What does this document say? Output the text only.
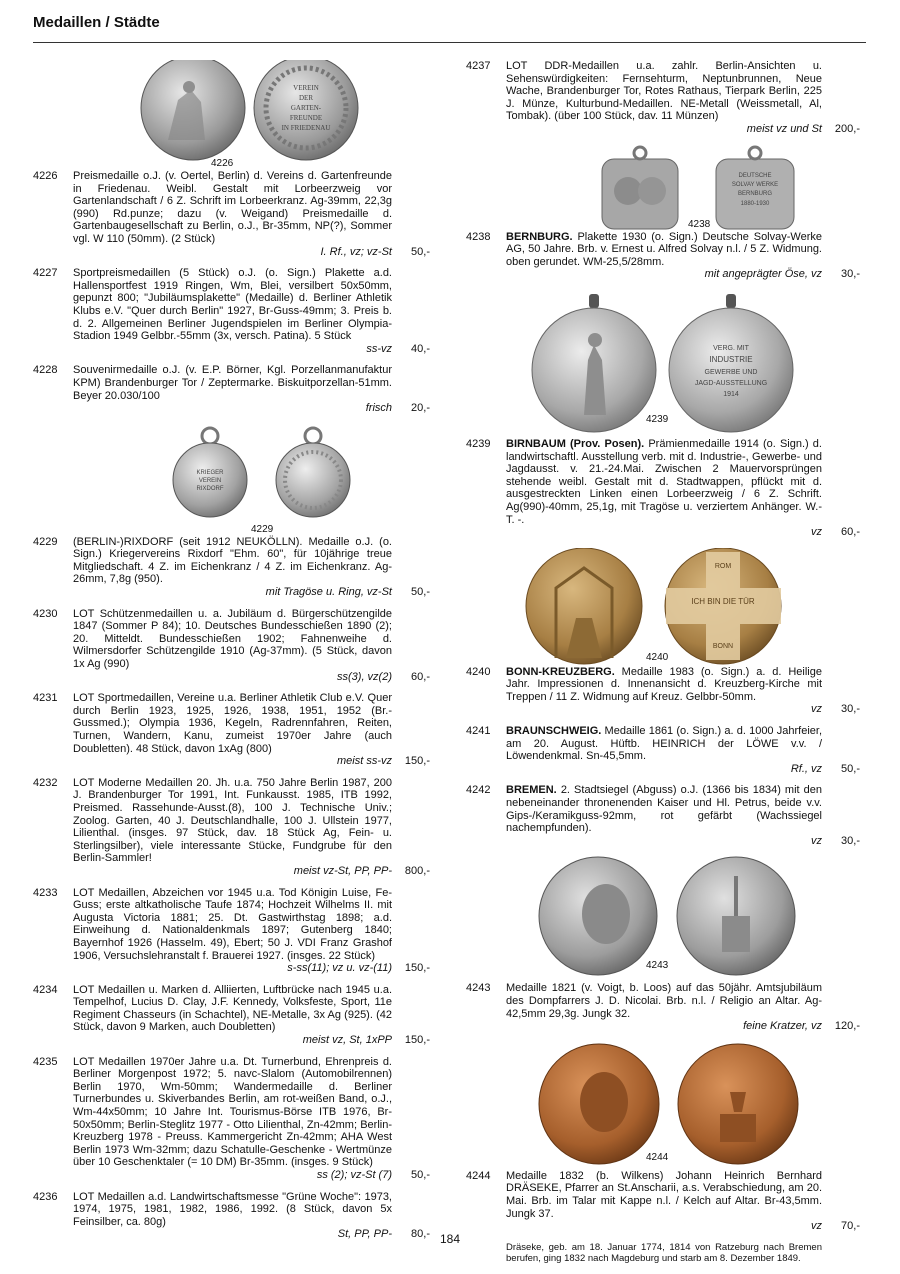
Medaillen / Städte
VEREIN
DER
GARTEN-
FREUNDE
IN FRIEDENAU
4226
4226	Preismedaille o.J. (v. Oertel, Berlin) d. Vereins d. Gartenfreunde in Friedenau. Weibl. Gestalt mit Lorbeerzweig vor Gartenlandschaft / 6 Z. Schrift im Lorbeerkranz. Ag-39mm, 22,3g (990) Rd.punze; dazu (v. Weigand) Preismedaille d. Gartenbaugesellschaft zu Berlin, o.J., Br-35mm, NP(?), Sommer vgl. W 110 (50mm). (2 Stück)
I. Rf., vz; vz-St 50,-
4227	Sportpreismedaillen (5 Stück) o.J. (o. Sign.) Plakette a.d. Hallensportfest 1919 Ringen, Wm, Blei, versilbert 50x50mm, gepunzt 800; "Jubiläumsplakette" (Medaille) d. Berliner Athletik Klubs e.V. "Quer durch Berlin" 1927, Br-Guss-49mm; 3. Preis b. d. 2. Allgemeinen Berliner Jugendspielen im Berliner Olympia-Stadion 1949 Gelbbr.-55mm (3x, versch. Patina). 5 Stück
ss-vz 40,-
4228	Souvenirmedaille o.J. (v. E.P. Börner, Kgl. Porzellanmanufaktur KPM) Brandenburger Tor / Zeptermarke. Biskuitporzellan-51mm. Beyer 20.030/100
frisch 20,-
KRIEGER
VEREIN
RIXDORF
4229
4229	(BERLIN-)RIXDORF (seit 1912 NEUKÖLLN). Medaille o.J. (o. Sign.) Kriegervereins Rixdorf "Ehm. 60", für 10jährige treue Mitgliedschaft. 4 Z. im Eichenkranz / 4 Z. im Eichenkranz. Ag-26mm, 7,8g (950).
mit Tragöse u. Ring, vz-St 50,-
4230	LOT Schützenmedaillen u. a. Jubiläum d. Bürgerschützengilde 1847 (Sommer P 84); 10. Deutsches Bundesschießen 1890 (2); 20. Mitteldt. Bundesschießen 1902; Fahnenweihe d. Wilmersdorfer Schützengilde 1910 (Ag-37mm). (5 Stück, davon 1x Ag (990)
ss(3), vz(2) 60,-
4231	LOT Sportmedaillen, Vereine u.a. Berliner Athletik Club e.V. Quer durch Berlin 1923, 1925, 1926, 1938, 1951, 1952 (Br.-Gussmed.); Olympia 1936, Kegeln, Radrennfahren, Reiten, Turnen, Wandern, Kanu, zumeist 1970er Jahre (auch Doubletten). 48 Stück, davon 1xAg (800)
meist ss-vz 150,-
4232	LOT Moderne Medaillen 20. Jh. u.a. 750 Jahre Berlin 1987, 200 J. Brandenburger Tor 1991, Int. Funkausst. 1985, ITB 1992, Preismed. Rassehunde-Ausst.(8), 100 J. Technische Univ.; Zoolog. Garten, 40 J. Deutschlandhalle, 100 J. Ullstein 1977, Lilienthal. (insges. 97 Stück, dav. 18 Stück Ag, Fein- u. Sterlingsilber), viele interessante Stücke, Fundgrube für den Berlin-Sammler!
meist vz-St, PP, PP- 800,-
4233	LOT Medaillen, Abzeichen vor 1945 u.a. Tod Königin Luise, Fe-Guss; erste altkatholische Taufe 1874; Hochzeit Wilhelms II. mit Augusta Victoria 1881; 25. Dt. Gastwirthstag 1898; a.d. Einweihung d. Nationaldenkmals 1897; Gutenberg 1840; Bayernhof 1926 (Hasselm. 49), Ebert; 50 J. VDI Franz Grashof 1906, Versuchslehranstalt f. Brauerei 1927. (insges. 22 Stück)
s-ss(11); vz u. vz-(11) 150,-
4234	LOT Medaillen u. Marken d. Alliierten, Luftbrücke nach 1945 u.a. Tempelhof, Lucius D. Clay, J.F. Kennedy, Volksfeste, Sport, 11e Regiment Chasseurs (in Schachtel), NE-Metalle, 3x Ag (925). (42 Stück, davon 9 Marken, auch Doubletten)
meist vz, St, 1xPP 150,-
4235	LOT Medaillen 1970er Jahre u.a. Dt. Turnerbund, Ehrenpreis d. Berliner Morgenpost 1972; 5. navc-Slalom (Automobilrennen) Berlin 1970, Wm-50mm; Wandermedaille d. Berliner Turnerbundes u. Skiverbandes Berlin, am rot-weißen Band, o.J., Wm-44x50mm; 10 Jahre Int. Tourismus-Börse ITB 1976, Br-50x50mm; Berlin-Steglitz 1977 - Otto Lilienthal, Zn-42mm; Berlin-Kreuzberg 1978 - Preuss. Kammergericht Zn-42mm; AHA West Berlin 1973 Wm-32mm; dazu Schatulle-Geschenke - Wertmünze über 10 Geschenktaler (= 10 DM) Br-35mm. (insges. 9 Stück)
ss (2); vz-St (7) 50,-
4236	LOT Medaillen a.d. Landwirtschaftsmesse "Grüne Woche": 1973, 1974, 1975, 1981, 1982, 1986, 1992. (8 Stück, davon 5x Feinsilber, ca. 80g)
St, PP, PP- 80,-
4237	LOT DDR-Medaillen u.a. zahlr. Berlin-Ansichten u. Sehenswürdigkeiten: Fernsehturm, Neptunbrunnen, Neue Wache, Brandenburger Tor, Rotes Rathaus, Tierpark Berlin, 225 J. Münze, Kulturbund-Medaillen. NE-Metall (Weissmetall, Al, Tombak). (über 100 Stück, dav. 11 Münzen)
meist vz und St 200,-
DEUTSCHE
SOLVAY WERKE
BERNBURG
1880-1930
4238
4238	BERNBURG. Plakette 1930 (o. Sign.) Deutsche Solvay-Werke AG, 50 Jahre. Brb. v. Ernest u. Alfred Solvay n.l. / 5 Z. Widmung. oben gerundet. WM-25,5/28mm.
mit angeprägter Öse, vz 30,-
VERG. MIT
INDUSTRIE
GEWERBE UND
JAGD-AUSSTELLUNG
1914
4239
4239	BIRNBAUM (Prov. Posen). Prämienmedaille 1914 (o. Sign.) d. landwirtschaftl. Ausstellung verb. mit d. Industrie-, Gewerbe- und Jagdausst. v. 21.-24.Mai. Zwischen 2 Mauervorsprüngen stehende weibl. Gestalt mit d. Stadtwappen, pflückt mit d. ausgestreckten Linken einen Lorbeerzweig / 6 Z. Schrift. Ag(990)-40mm, 25,1g, mit Tragöse u. verziertem Anhänger. W.-T. -.
vz 60,-
ROM
ICH BIN DIE TÜR
BONN
4240
4240	BONN-KREUZBERG. Medaille 1983 (o. Sign.) a. d. Heilige Jahr. Impressionen d. Innenansicht d. Kreuzberg-Kirche mit Treppen / 11 Z. Widmung auf Kreuz. Gelbbr-50mm.
vz 30,-
4241	BRAUNSCHWEIG. Medaille 1861 (o. Sign.) a. d. 1000 Jahrfeier, am 20. August. Hüftb. HEINRICH der LÖWE v.v. / Löwendenkmal. Sn-45,5mm.
Rf., vz 50,-
4242	BREMEN. 2. Stadtsiegel (Abguss) o.J. (1366 bis 1834) mit den nebeneinander thronenenden Kaiser und Hl. Petrus, beide v.v. Gips-/Keramikguss-92mm, rot gefärbt (Wachssiegel nachempfunden).
vz 30,-
4243
4243	Medaille 1821 (v. Voigt, b. Loos) auf das 50jähr. Amtsjubiläum des Dompfarrers J. D. Nicolai. Brb. n.l. / Religio an Altar. Ag-42,5mm 29,3g. Jungk 32.
feine Kratzer, vz 120,-
4244
4244	Medaille 1832 (b. Wilkens) Johann Heinrich Bernhard DRÄSEKE, Pfarrer an St.Anscharii, a.s. Verabschiedung, am 20. Mai. Brb. im Talar mit Kappe n.l. / Kelch auf Altar. Br-43,5mm. Jungk 37.
vz 70,-
Dräseke, geb. am 18. Januar 1774, 1814 von Ratzeburg nach Bremen berufen, ging 1832 nach Magdeburg und starb am 8. Dezember 1849.
184
